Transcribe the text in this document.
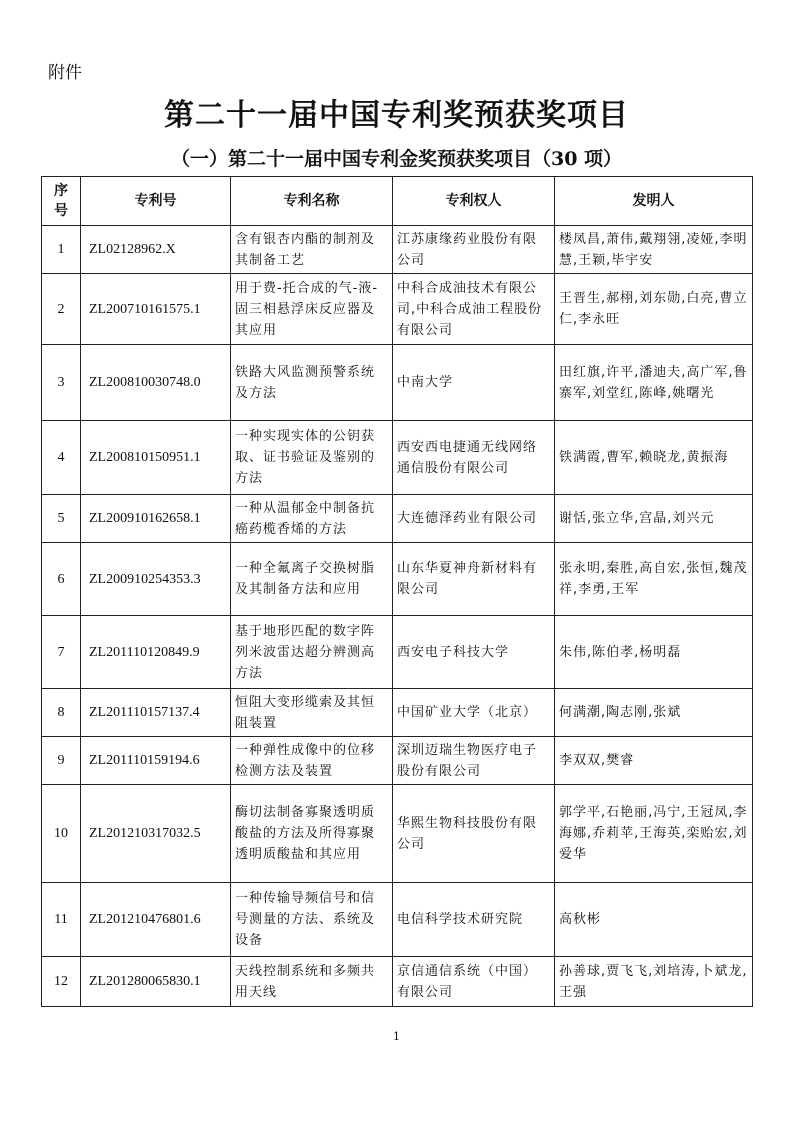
附件
第二十一届中国专利奖预获奖项目
（一）第二十一届中国专利金奖预获奖项目（30 项）
序
号	专利号	专利名称	专利权人	发明人
1	ZL02128962.X	含有银杏内酯的制剂及其制备工艺	江苏康缘药业股份有限公司	楼凤昌,萧伟,戴翔翎,凌娅,李明慧,王颖,毕宇安
2	ZL200710161575.1	用于费-托合成的气-液-固三相悬浮床反应器及其应用	中科合成油技术有限公司,中科合成油工程股份有限公司	王晋生,郝栩,刘东勋,白亮,曹立仁,李永旺
3	ZL200810030748.0	铁路大风监测预警系统及方法	中南大学	田红旗,许平,潘迪夫,高广军,鲁寨军,刘堂红,陈峰,姚曙光
4	ZL200810150951.1	一种实现实体的公钥获取、证书验证及鉴别的方法	西安西电捷通无线网络通信股份有限公司	铁满霞,曹军,赖晓龙,黄振海
5	ZL200910162658.1	一种从温郁金中制备抗癌药榄香烯的方法	大连德泽药业有限公司	谢恬,张立华,宫晶,刘兴元
6	ZL200910254353.3	一种全氟离子交换树脂及其制备方法和应用	山东华夏神舟新材料有限公司	张永明,秦胜,高自宏,张恒,魏茂祥,李勇,王军
7	ZL201110120849.9	基于地形匹配的数字阵列米波雷达超分辨测高方法	西安电子科技大学	朱伟,陈伯孝,杨明磊
8	ZL201110157137.4	恒阻大变形缆索及其恒阻装置	中国矿业大学（北京）	何满潮,陶志刚,张斌
9	ZL201110159194.6	一种弹性成像中的位移检测方法及装置	深圳迈瑞生物医疗电子股份有限公司	李双双,樊睿
10	ZL201210317032.5	酶切法制备寡聚透明质酸盐的方法及所得寡聚透明质酸盐和其应用	华熙生物科技股份有限公司	郭学平,石艳丽,冯宁,王冠凤,李海娜,乔莉苹,王海英,栾贻宏,刘爱华
11	ZL201210476801.6	一种传输导频信号和信号测量的方法、系统及设备	电信科学技术研究院	高秋彬
12	ZL201280065830.1	天线控制系统和多频共用天线	京信通信系统（中国）有限公司	孙善球,贾飞飞,刘培涛,卜斌龙,王强
1
